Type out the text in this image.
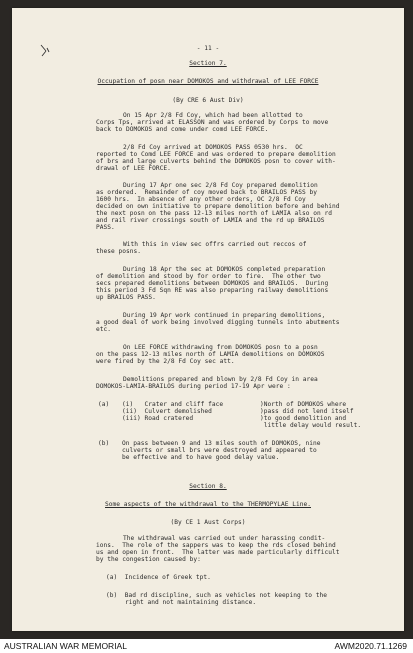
- 11 -
Section 7.
Occupation of posn near DOMOKOS and withdrawal of LEE FORCE
(By CRE 6 Aust Div)
On 15 Apr 2/8 Fd Coy, which had been allotted to
Corps Tps, arrived at ELASSON and was ordered by Corps to move
back to DOMOKOS and come under comd LEE FORCE.
2/8 Fd Coy arrived at DOMOKOS PASS 0530 hrs.  OC
reported to Comd LEE FORCE and was ordered to prepare demolition
of brs and large culverts behind the DOMOKOS posn to cover with-
drawal of LEE FORCE.
During 17 Apr one sec 2/8 Fd Coy prepared demolition
as ordered.  Remainder of coy moved back to BRAILOS PASS by
1600 hrs.  In absence of any other orders, OC 2/8 Fd Coy
decided on own initiative to prepare demolition before and behind
the next posn on the pass 12-13 miles north of LAMIA also on rd
and rail river crossings south of LAMIA and the rd up BRAILOS
PASS.
With this in view sec offrs carried out reccos of
these posns.
During 18 Apr the sec at DOMOKOS completed preparation
of demolition and stood by for order to fire.  The other two
secs prepared demolitions between DOMOKOS and BRAILOS.  During
this period 3 Fd Sqn RE was also preparing railway demolitions
up BRAILOS PASS.
During 19 Apr work continued in preparing demolitions,
a good deal of work being involved digging tunnels into abutments
etc.
On LEE FORCE withdrawing from DOMOKOS posn to a posn
on the pass 12-13 miles north of LAMIA demolitions on DOMOKOS
were fired by the 2/8 Fd Coy sec att.
Demolitions prepared and blown by 2/8 Fd Coy in area
DOMOKOS-LAMIA-BRAILOS during period 17-19 Apr were :
(a) (i)   Crater and cliff face
(ii)  Culvert demolished
(iii) Road cratered
)North of DOMOKOS where
)pass did not lend itself
)to good demolition and
little delay would result.
(b) On pass between 9 and 13 miles south of DOMOKOS, nine
culverts or small brs were destroyed and appeared to
be effective and to have good delay value.
Section 8.
Some aspects of the withdrawal to the THERMOPYLAE Line.
(By CE 1 Aust Corps)
The withdrawal was carried out under harassing condit-
ions.  The role of the sappers was to keep the rds closed behind
us and open in front.  The latter was made particularly difficult
by the congestion caused by:
(a)  Incidence of Greek tpt.
(b)  Bad rd discipline, such as vehicles not keeping to the
right and not maintaining distance.
AUSTRALIAN WAR MEMORIAL	AWM2020.71.1269
